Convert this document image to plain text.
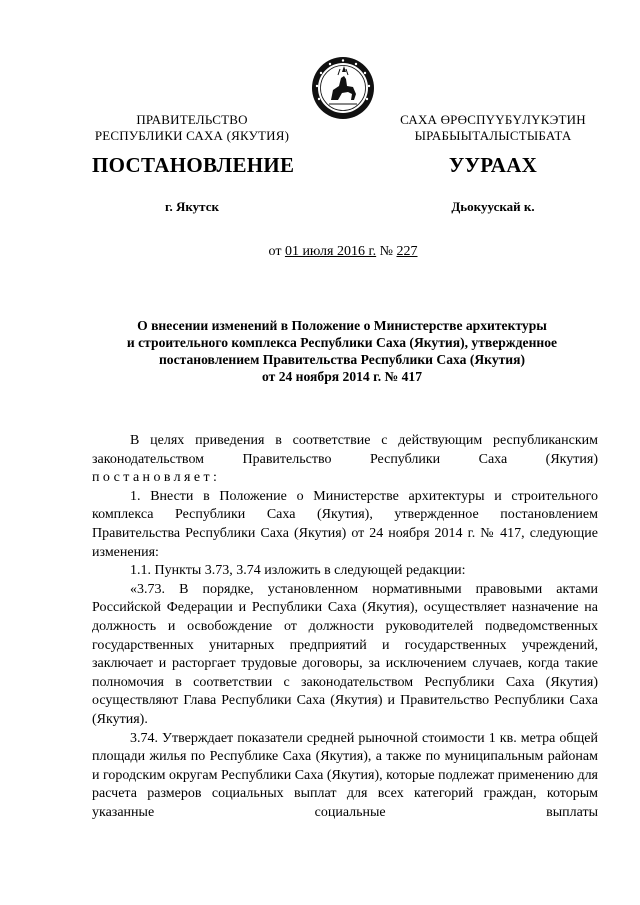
ПРАВИТЕЛЬСТВО
РЕСПУБЛИКИ САХА (ЯКУТИЯ)
САХА ӨРӨСПҮҮБҮЛҮКЭТИН
ЫРАБЫЫТАЛЫСТЫБАТА
ПОСТАНОВЛЕНИЕ	УУРААХ
г. Якутск	Дьокуускай к.
от 01 июля 2016 г. № 227
О внесении изменений в Положение о Министерстве архитектуры
и строительного комплекса Республики Саха (Якутия), утвержденное
постановлением Правительства Республики Саха (Якутия)
от 24 ноября 2014 г. № 417

В целях приведения в соответствие с действующим республиканским законодательством Правительство Республики Саха (Якутия)

постановляет:

1. Внести в Положение о Министерстве архитектуры и строительного комплекса Республики Саха (Якутия), утвержденное постановлением Правительства Республики Саха (Якутия) от 24 ноября 2014 г. № 417, следующие изменения:

1.1. Пункты 3.73, 3.74 изложить в следующей редакции:

«3.73. В порядке, установленном нормативными правовыми актами Российской Федерации и Республики Саха (Якутия), осуществляет назначение на должность и освобождение от должности руководителей подведомственных государственных унитарных предприятий и государственных учреждений, заключает и расторгает трудовые договоры, за исключением случаев, когда такие полномочия в соответствии с законодательством Республики Саха (Якутия) осуществляют Глава Республики Саха (Якутия) и Правительство Республики Саха (Якутия).

3.74. Утверждает показатели средней рыночной стоимости 1 кв. метра общей площади жилья по Республике Саха (Якутия), а также по муниципальным районам и городским округам Республики Саха (Якутия), которые подлежат применению для расчета размеров социальных выплат для всех категорий граждан, которым указанные социальные выплаты
